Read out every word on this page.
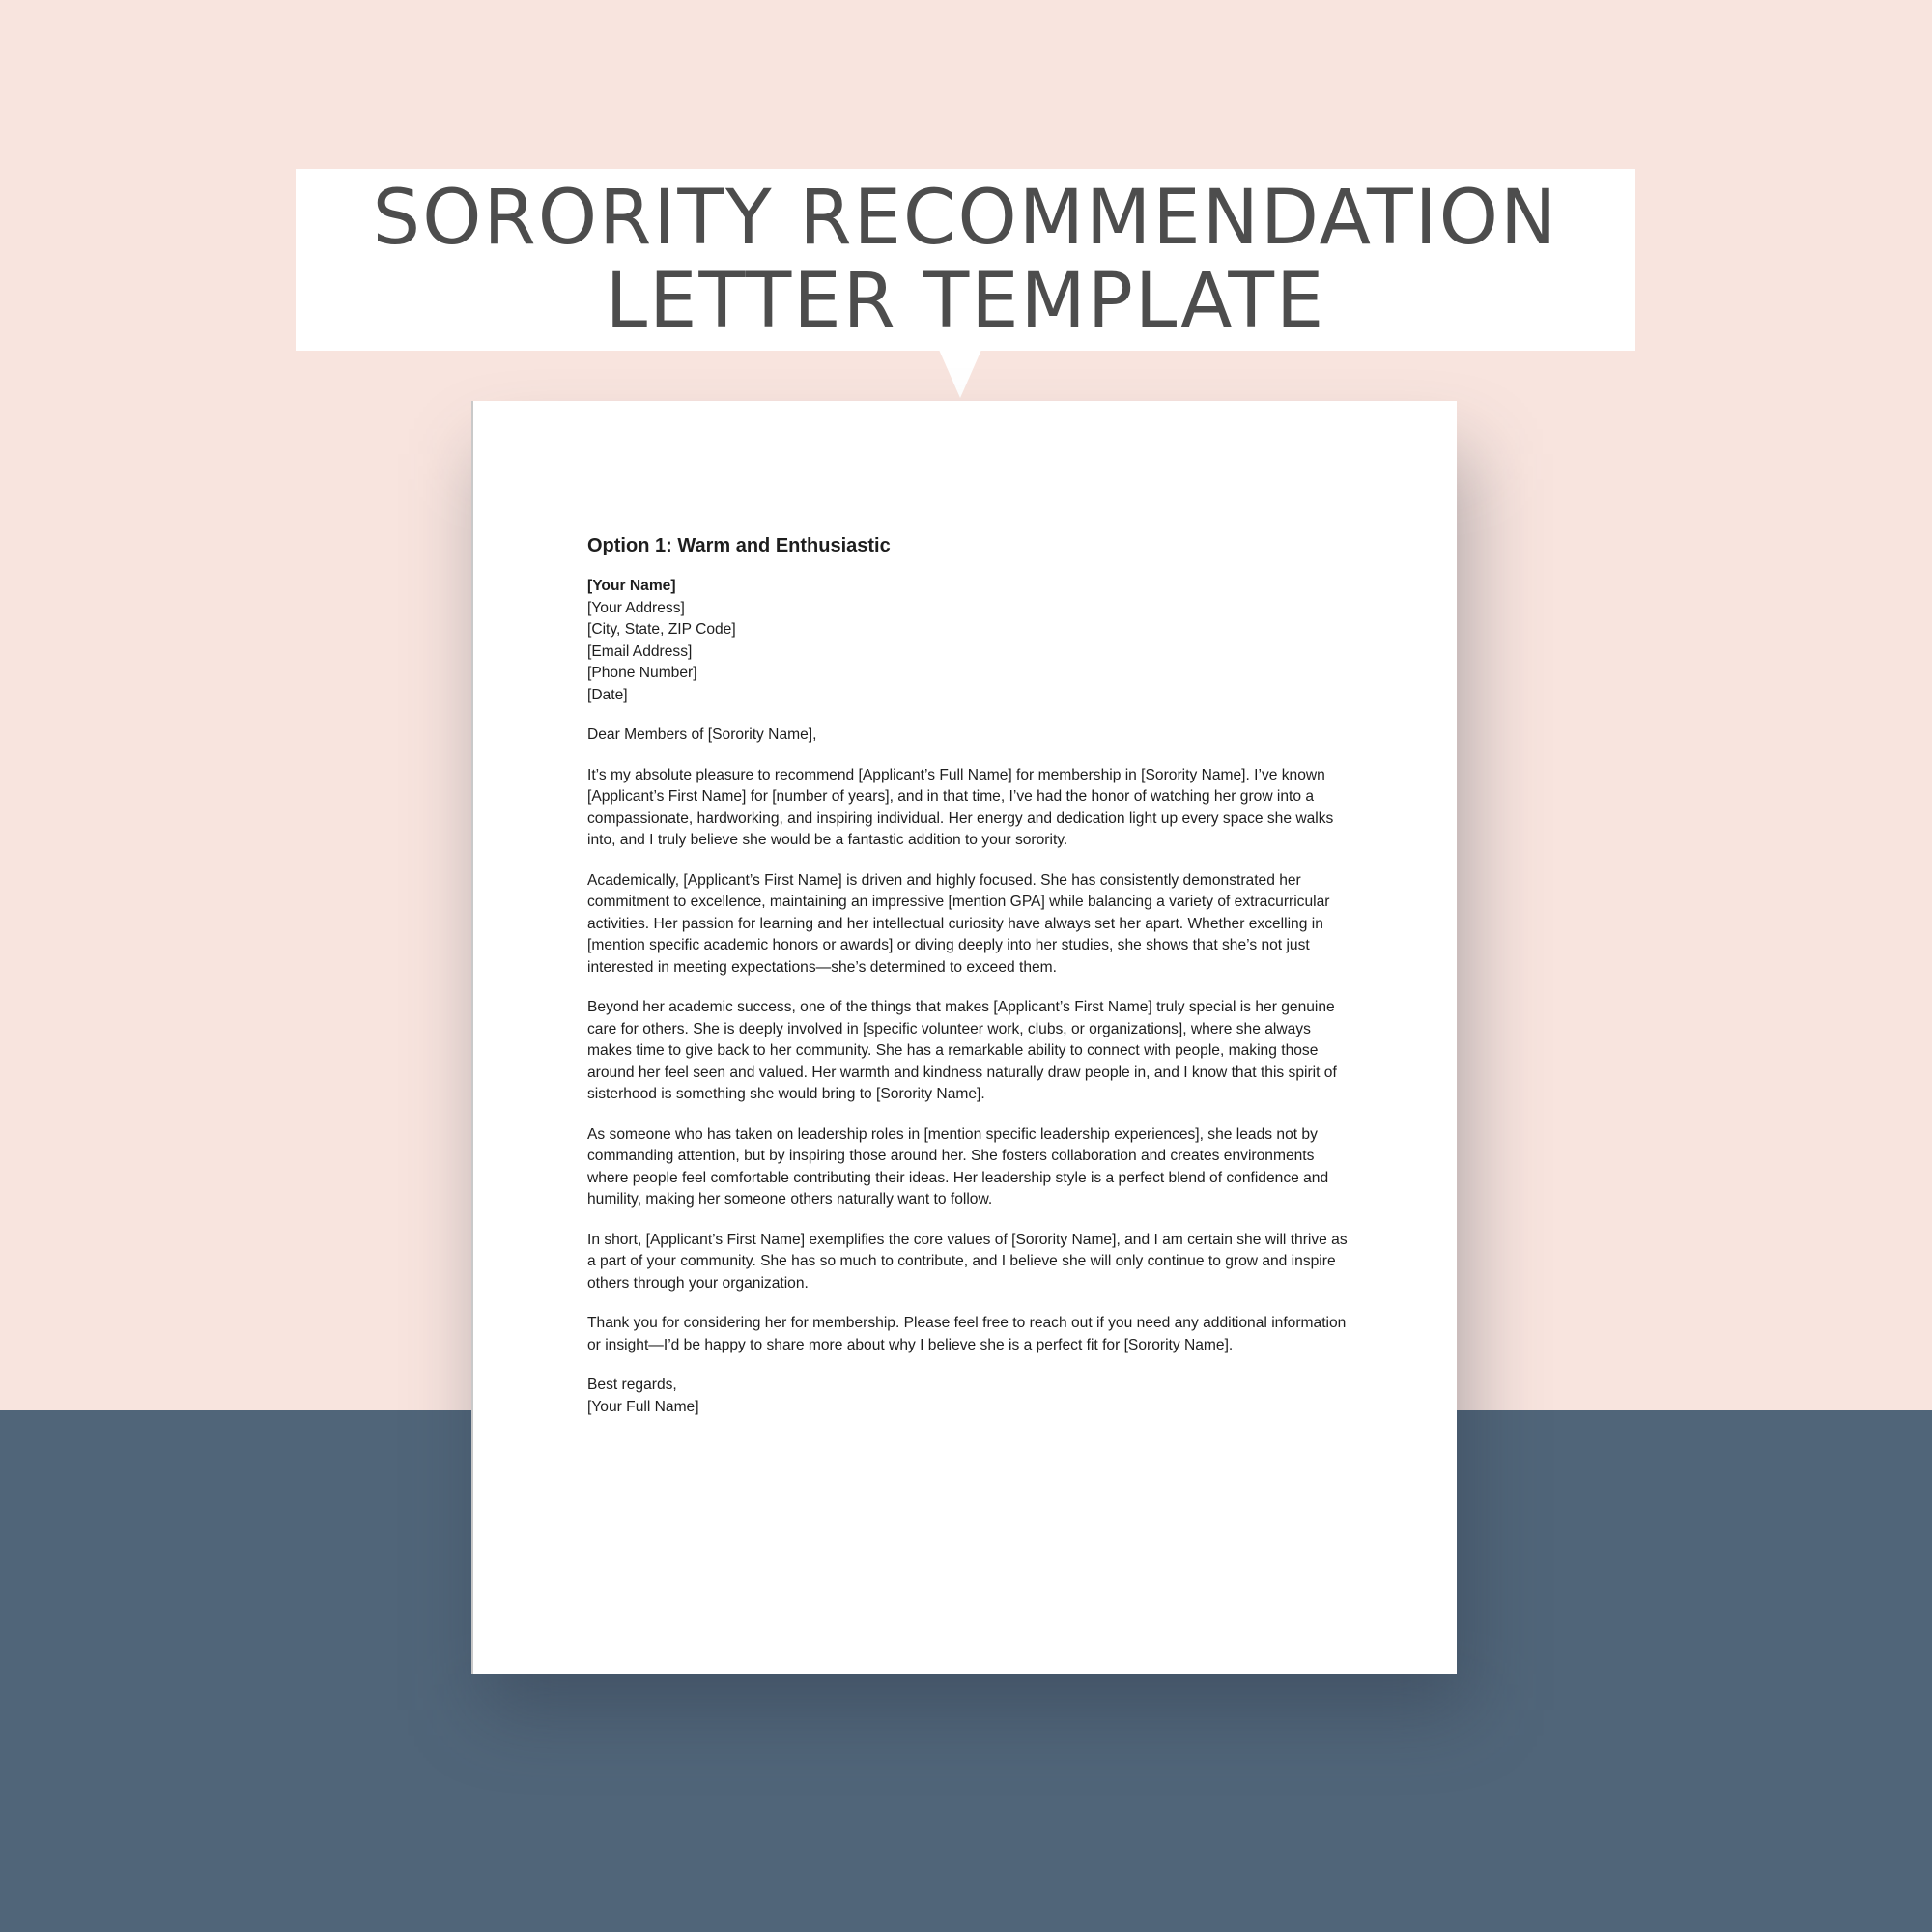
SORORITY RECOMMENDATION
LETTER TEMPLATE
Option 1: Warm and Enthusiastic
[Your Name]
[Your Address]
[City, State, ZIP Code]
[Email Address]
[Phone Number]
[Date]
Dear Members of [Sorority Name],

It’s my absolute pleasure to recommend [Applicant’s Full Name] for membership in [Sorority Name]. I’ve known [Applicant’s First Name] for [number of years], and in that time, I’ve had the honor of watching her grow into a compassionate, hardworking, and inspiring individual. Her energy and dedication light up every space she walks into, and I truly believe she would be a fantastic addition to your sorority.

Academically, [Applicant’s First Name] is driven and highly focused. She has consistently demonstrated her commitment to excellence, maintaining an impressive [mention GPA] while balancing a variety of extracurricular activities. Her passion for learning and her intellectual curiosity have always set her apart. Whether excelling in [mention specific academic honors or awards] or diving deeply into her studies, she shows that she’s not just interested in meeting expectations—she’s determined to exceed them.

Beyond her academic success, one of the things that makes [Applicant’s First Name] truly special is her genuine care for others. She is deeply involved in [specific volunteer work, clubs, or organizations], where she always makes time to give back to her community. She has a remarkable ability to connect with people, making those around her feel seen and valued. Her warmth and kindness naturally draw people in, and I know that this spirit of sisterhood is something she would bring to [Sorority Name].

As someone who has taken on leadership roles in [mention specific leadership experiences], she leads not by commanding attention, but by inspiring those around her. She fosters collaboration and creates environments where people feel comfortable contributing their ideas. Her leadership style is a perfect blend of confidence and humility, making her someone others naturally want to follow.

In short, [Applicant’s First Name] exemplifies the core values of [Sorority Name], and I am certain she will thrive as a part of your community. She has so much to contribute, and I believe she will only continue to grow and inspire others through your organization.

Thank you for considering her for membership. Please feel free to reach out if you need any additional information or insight—I’d be happy to share more about why I believe she is a perfect fit for [Sorority Name].

Best regards,
[Your Full Name]
